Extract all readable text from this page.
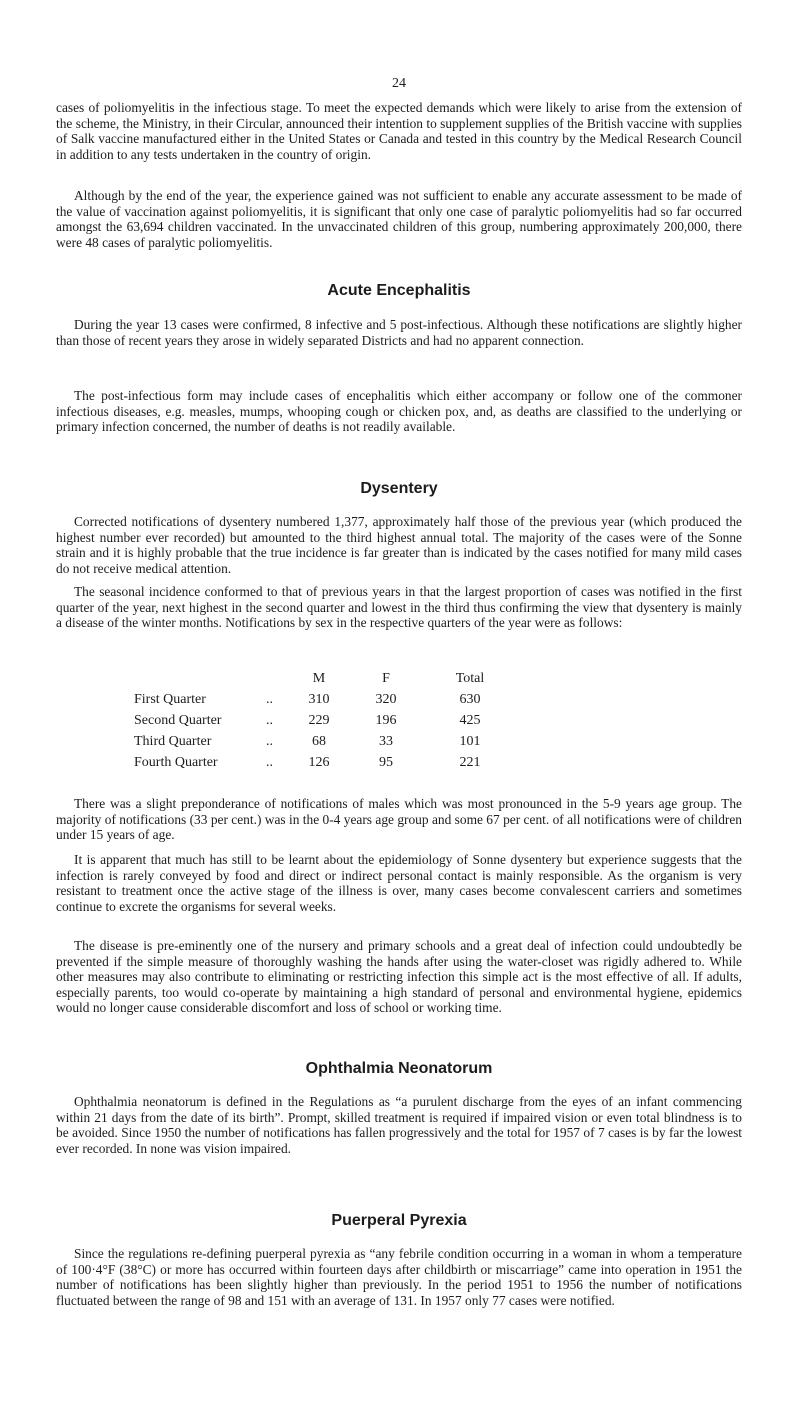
24

cases of poliomyelitis in the infectious stage. To meet the expected demands which were likely to arise from the extension of the scheme, the Ministry, in their Circular, announced their intention to supplement supplies of the British vaccine with supplies of Salk vaccine manufactured either in the United States or Canada and tested in this country by the Medical Research Council in addition to any tests undertaken in the country of origin.

Although by the end of the year, the experience gained was not sufficient to enable any accurate assessment to be made of the value of vaccination against poliomyelitis, it is significant that only one case of paralytic poliomyelitis had so far occurred amongst the 63,694 children vaccinated. In the unvaccinated children of this group, numbering approximately 200,000, there were 48 cases of paralytic poliomyelitis.

Acute Encephalitis

During the year 13 cases were confirmed, 8 infective and 5 post-infectious. Although these notifications are slightly higher than those of recent years they arose in widely separated Districts and had no apparent connection.

The post-infectious form may include cases of encephalitis which either accompany or follow one of the commoner infectious diseases, e.g. measles, mumps, whooping cough or chicken pox, and, as deaths are classified to the underlying or primary infection concerned, the number of deaths is not readily available.

Dysentery

Corrected notifications of dysentery numbered 1,377, approximately half those of the previous year (which produced the highest number ever recorded) but amounted to the third highest annual total. The majority of the cases were of the Sonne strain and it is highly probable that the true incidence is far greater than is indicated by the cases notified for many mild cases do not receive medical attention.

The seasonal incidence conformed to that of previous years in that the largest proportion of cases was notified in the first quarter of the year, next highest in the second quarter and lowest in the third thus confirming the view that dysentery is mainly a disease of the winter months. Notifications by sex in the respective quarters of the year were as follows:

		M	F	Total
First Quarter	..	310	320	630
Second Quarter	..	229	196	425
Third Quarter	..	68	33	101
Fourth Quarter	..	126	95	221

There was a slight preponderance of notifications of males which was most pronounced in the 5-9 years age group. The majority of notifications (33 per cent.) was in the 0-4 years age group and some 67 per cent. of all notifications were of children under 15 years of age.

It is apparent that much has still to be learnt about the epidemiology of Sonne dysentery but experience suggests that the infection is rarely conveyed by food and direct or indirect personal contact is mainly responsible. As the organism is very resistant to treatment once the active stage of the illness is over, many cases become convalescent carriers and sometimes continue to excrete the organisms for several weeks.

The disease is pre-eminently one of the nursery and primary schools and a great deal of infection could undoubtedly be prevented if the simple measure of thoroughly washing the hands after using the water-closet was rigidly adhered to. While other measures may also contribute to eliminating or restricting infection this simple act is the most effective of all. If adults, especially parents, too would co-operate by maintaining a high standard of personal and environmental hygiene, epidemics would no longer cause considerable discomfort and loss of school or working time.

Ophthalmia Neonatorum

Ophthalmia neonatorum is defined in the Regulations as “a purulent discharge from the eyes of an infant commencing within 21 days from the date of its birth”. Prompt, skilled treatment is required if impaired vision or even total blindness is to be avoided. Since 1950 the number of notifications has fallen progressively and the total for 1957 of 7 cases is by far the lowest ever recorded. In none was vision impaired.

Puerperal Pyrexia

Since the regulations re-defining puerperal pyrexia as “any febrile condition occurring in a woman in whom a temperature of 100·4°F (38°C) or more has occurred within fourteen days after childbirth or miscarriage” came into operation in 1951 the number of notifications has been slightly higher than previously. In the period 1951 to 1956 the number of notifications fluctuated between the range of 98 and 151 with an average of 131. In 1957 only 77 cases were notified.
